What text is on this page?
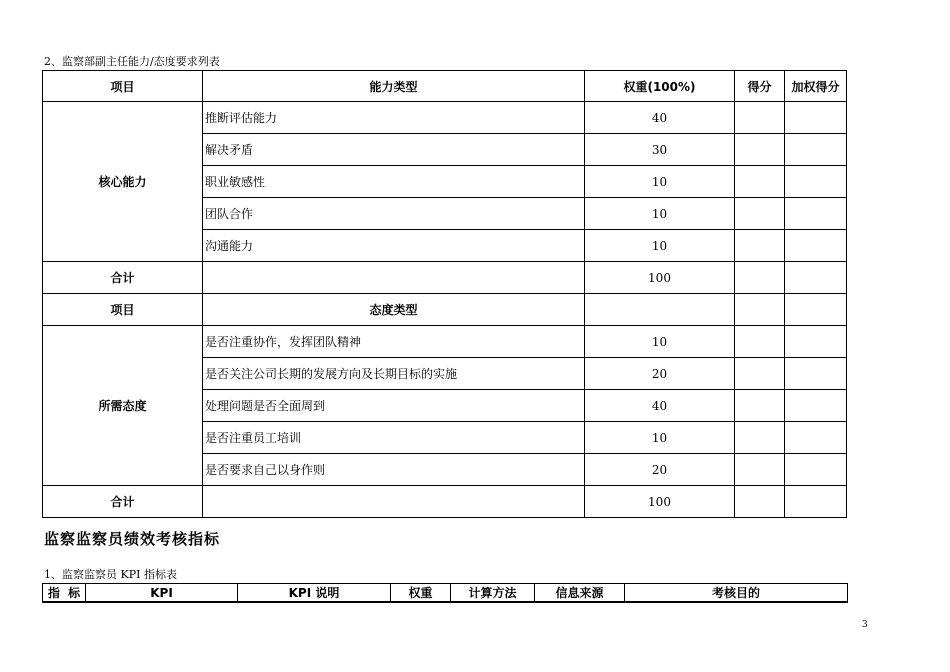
2、监察部副主任能力/态度要求列表
项目	能力类型	权重(100%)	得分	加权得分
核心能力	推断评估能力	40		
	解决矛盾	30		
	职业敏感性	10		
	团队合作	10		
	沟通能力	10		
合计		100		
项目	态度类型			
所需态度	是否注重协作，发挥团队精神	10		
	是否关注公司长期的发展方向及长期目标的实施	20		
	处理问题是否全面周到	40		
	是否注重员工培训	10		
	是否要求自己以身作则	20		
合计		100		
监察监察员绩效考核指标
1、监察监察员 KPI 指标表
指  标	KPI	KPI 说明	权重	计算方法	信息来源	考核目的
3
